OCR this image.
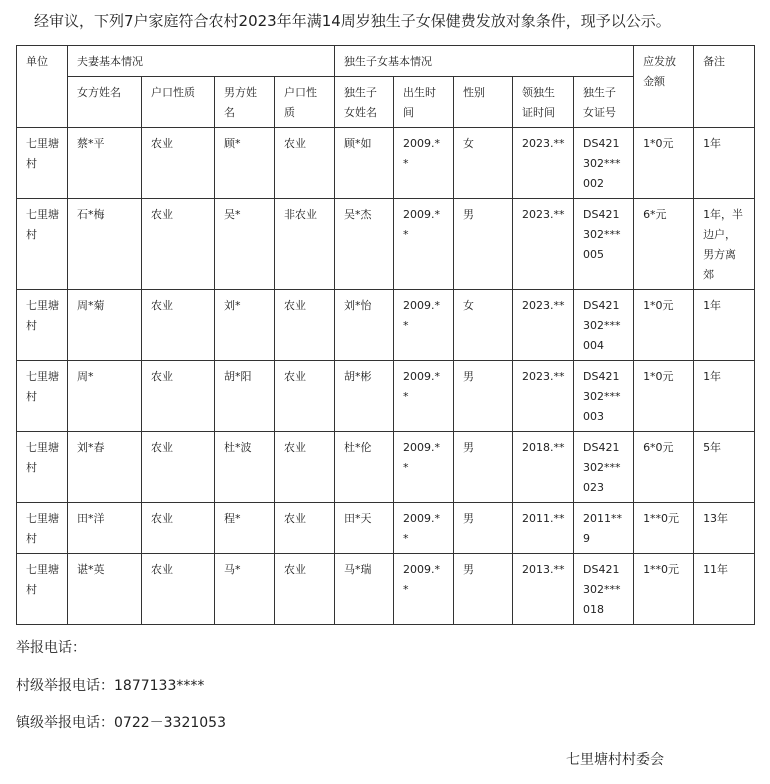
经审议，下列7户家庭符合农村2023年年满14周岁独生子女保健费发放对象条件，现予以公示。
单位	夫妻基本情况				独生子女基本情况					应发放金额	备注
	女方姓名	户口性质	男方姓名	户口性质	独生子女姓名	出生时间	性别	领独生证时间	独生子女证号		
七里塘村	蔡*平	农业	顾*	农业	顾*如	2009.**	女	2023.**	DS421302***002	1*0元	1年
七里塘村	石*梅	农业	吴*	非农业	吴*杰	2009.**	男	2023.**	DS421302***005	6*元	1年，半边户，男方离郊
七里塘村	周*菊	农业	刘*	农业	刘*怡	2009.**	女	2023.**	DS421302***004	1*0元	1年
七里塘村	周*	农业	胡*阳	农业	胡*彬	2009.**	男	2023.**	DS421302***003	1*0元	1年
七里塘村	刘*春	农业	杜*波	农业	杜*伦	2009.**	男	2018.**	DS421302***023	6*0元	5年
七里塘村	田*洋	农业	程*	农业	田*天	2009.**	男	2011.**	2011**9	1**0元	13年
七里塘村	谌*英	农业	马*	农业	马*瑞	2009.**	男	2013.**	DS421302***018	1**0元	11年
举报电话：
村级举报电话：1877133****
镇级举报电话：0722－3321053
七里塘村村委会
